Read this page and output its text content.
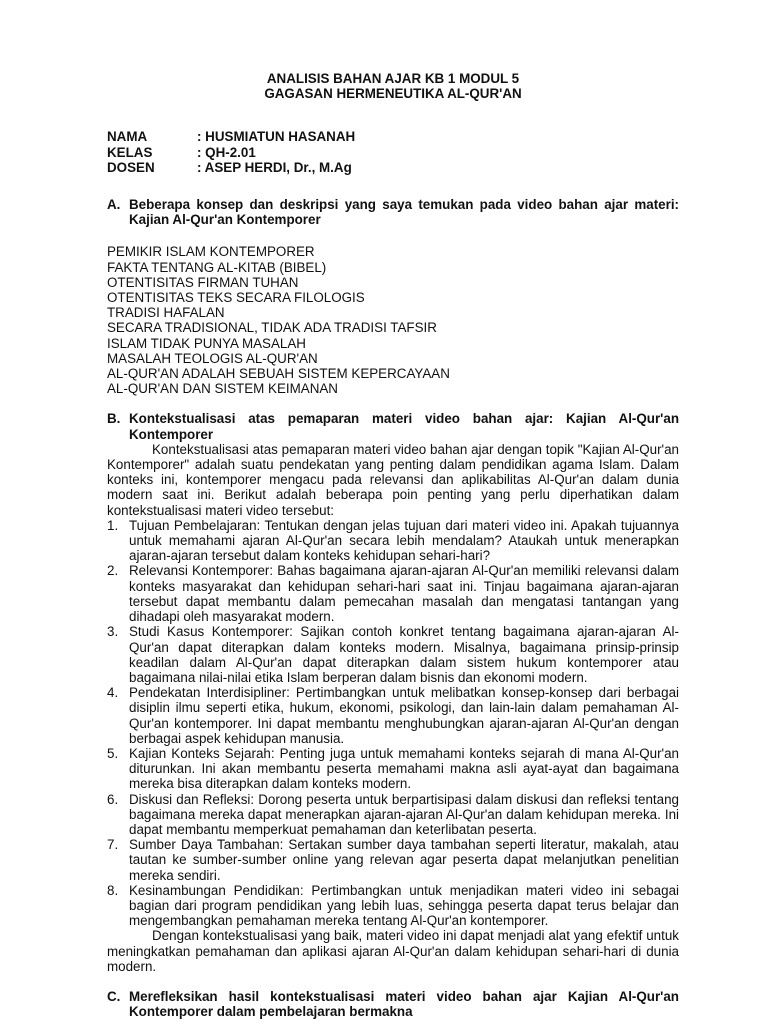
ANALISIS BAHAN AJAR KB 1 MODUL 5
GAGASAN HERMENEUTIKA AL-QUR'AN
NAMA	: HUSMIATUN HASANAH
KELAS	: QH-2.01
DOSEN	: ASEP HERDI, Dr., M.Ag
A. Beberapa konsep dan deskripsi yang saya temukan pada video bahan ajar materi: Kajian Al-Qur'an Kontemporer
PEMIKIR ISLAM KONTEMPORER
FAKTA TENTANG AL-KITAB (BIBEL)
OTENTISITAS FIRMAN TUHAN
OTENTISITAS TEKS SECARA FILOLOGIS
TRADISI HAFALAN
SECARA TRADISIONAL, TIDAK ADA TRADISI TAFSIR
ISLAM TIDAK PUNYA MASALAH
MASALAH TEOLOGIS AL-QUR'AN
AL-QUR'AN ADALAH SEBUAH SISTEM KEPERCAYAAN
AL-QUR'AN DAN SISTEM KEIMANAN
B. Kontekstualisasi atas pemaparan materi video bahan ajar: Kajian Al-Qur'an Kontemporer

Kontekstualisasi atas pemaparan materi video bahan ajar dengan topik "Kajian Al-Qur'an Kontemporer" adalah suatu pendekatan yang penting dalam pendidikan agama Islam. Dalam konteks ini, kontemporer mengacu pada relevansi dan aplikabilitas Al-Qur'an dalam dunia modern saat ini. Berikut adalah beberapa poin penting yang perlu diperhatikan dalam kontekstualisasi materi video tersebut:

1. Tujuan Pembelajaran: Tentukan dengan jelas tujuan dari materi video ini. Apakah tujuannya untuk memahami ajaran Al-Qur'an secara lebih mendalam? Ataukah untuk menerapkan ajaran-ajaran tersebut dalam konteks kehidupan sehari-hari?
2. Relevansi Kontemporer: Bahas bagaimana ajaran-ajaran Al-Qur'an memiliki relevansi dalam konteks masyarakat dan kehidupan sehari-hari saat ini. Tinjau bagaimana ajaran-ajaran tersebut dapat membantu dalam pemecahan masalah dan mengatasi tantangan yang dihadapi oleh masyarakat modern.
3. Studi Kasus Kontemporer: Sajikan contoh konkret tentang bagaimana ajaran-ajaran Al-Qur'an dapat diterapkan dalam konteks modern. Misalnya, bagaimana prinsip-prinsip keadilan dalam Al-Qur'an dapat diterapkan dalam sistem hukum kontemporer atau bagaimana nilai-nilai etika Islam berperan dalam bisnis dan ekonomi modern.
4. Pendekatan Interdisipliner: Pertimbangkan untuk melibatkan konsep-konsep dari berbagai disiplin ilmu seperti etika, hukum, ekonomi, psikologi, dan lain-lain dalam pemahaman Al-Qur'an kontemporer. Ini dapat membantu menghubungkan ajaran-ajaran Al-Qur'an dengan berbagai aspek kehidupan manusia.
5. Kajian Konteks Sejarah: Penting juga untuk memahami konteks sejarah di mana Al-Qur'an diturunkan. Ini akan membantu peserta memahami makna asli ayat-ayat dan bagaimana mereka bisa diterapkan dalam konteks modern.
6. Diskusi dan Refleksi: Dorong peserta untuk berpartisipasi dalam diskusi dan refleksi tentang bagaimana mereka dapat menerapkan ajaran-ajaran Al-Qur'an dalam kehidupan mereka. Ini dapat membantu memperkuat pemahaman dan keterlibatan peserta.
7. Sumber Daya Tambahan: Sertakan sumber daya tambahan seperti literatur, makalah, atau tautan ke sumber-sumber online yang relevan agar peserta dapat melanjutkan penelitian mereka sendiri.
8. Kesinambungan Pendidikan: Pertimbangkan untuk menjadikan materi video ini sebagai bagian dari program pendidikan yang lebih luas, sehingga peserta dapat terus belajar dan mengembangkan pemahaman mereka tentang Al-Qur'an kontemporer.

Dengan kontekstualisasi yang baik, materi video ini dapat menjadi alat yang efektif untuk meningkatkan pemahaman dan aplikasi ajaran Al-Qur'an dalam kehidupan sehari-hari di dunia modern.

C. Merefleksikan hasil kontekstualisasi materi video bahan ajar Kajian Al-Qur'an Kontemporer dalam pembelajaran bermakna
